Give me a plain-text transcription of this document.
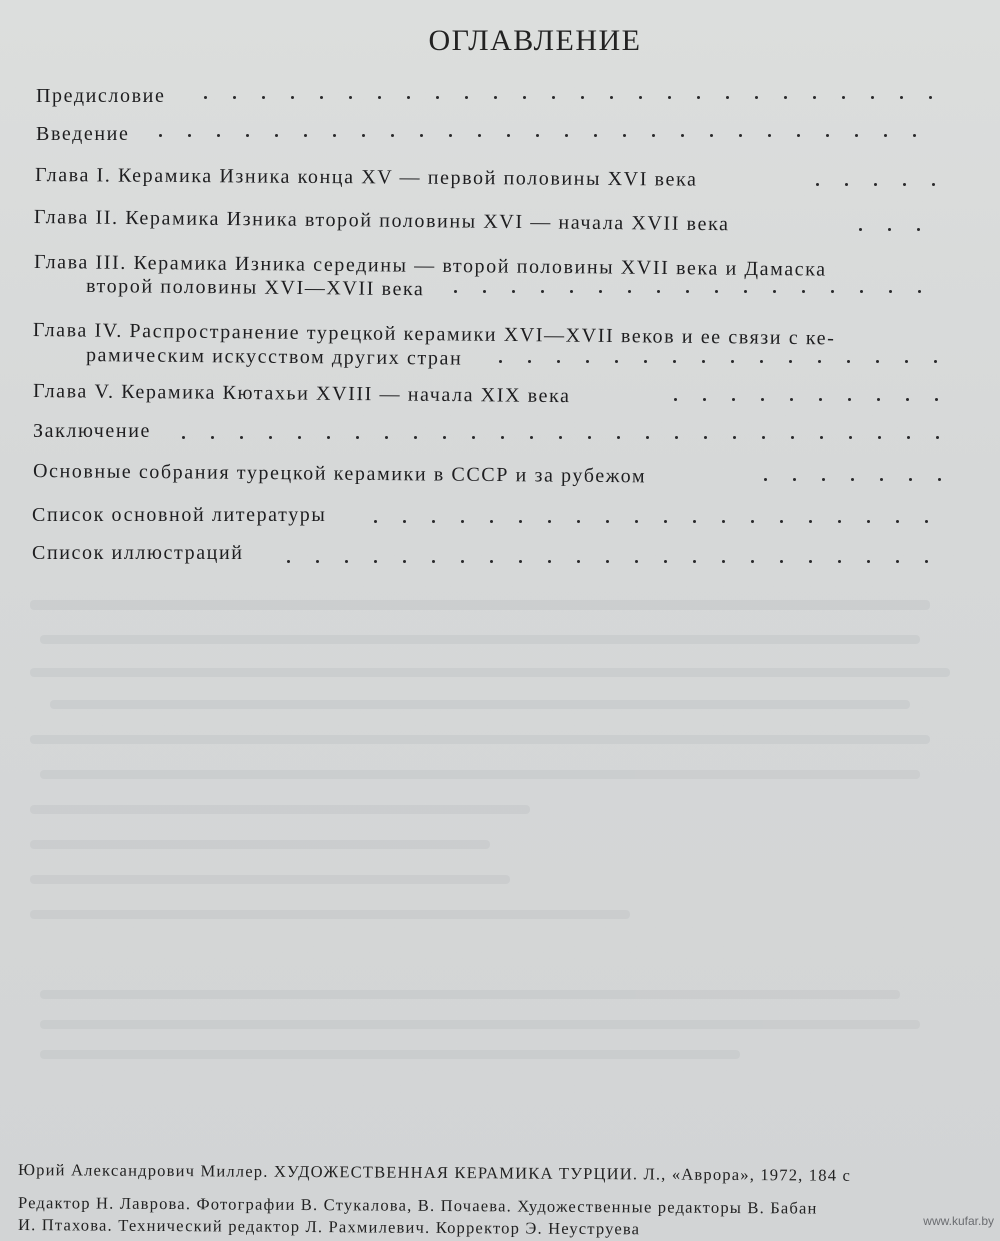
ОГЛАВЛЕНИЕ
Предисловие
Введение
Глава I. Керамика Изника конца XV — первой половины XVI века
Глава II. Керамика Изника второй половины XVI — начала XVII века
Глава III. Керамика Изника середины — второй половины XVII века и Дамаска
второй половины XVI—XVII века
Глава IV. Распространение турецкой керамики XVI—XVII веков и ее связи с ке-
рамическим искусством других стран
Глава V. Керамика Кютахьи XVIII — начала XIX века
Заключение
Основные собрания турецкой керамики в СССР и за рубежом
Список основной литературы
Список иллюстраций
Юрий Александрович Миллер. ХУДОЖЕСТВЕННАЯ КЕРАМИКА ТУРЦИИ. Л., «Аврора», 1972, 184 с
Редактор Н. Лаврова. Фотографии В. Стукалова, В. Почаева. Художественные редакторы В. Бабан
И. Птахова. Технический редактор Л. Рахмилевич. Корректор Э. Неуструева	www.kufar.by
